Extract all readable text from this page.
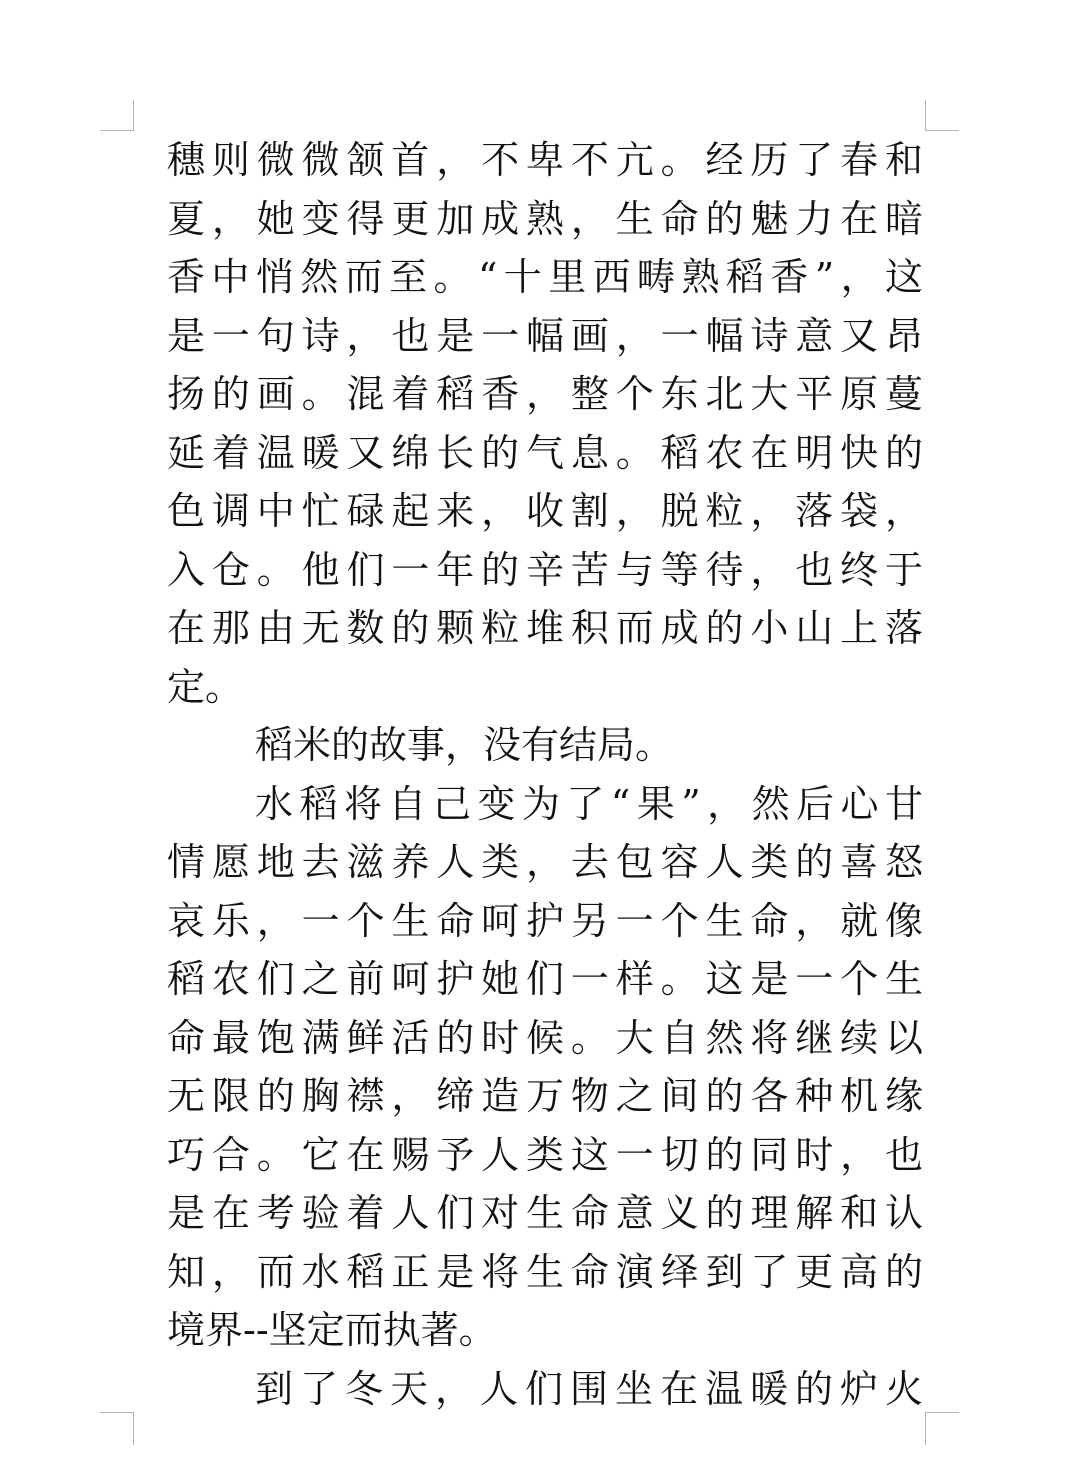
穗则微微颔首，不卑不亢。经历了春和
夏，她变得更加成熟，生命的魅力在暗
香中悄然而至。“十里西畴熟稻香”，这
是一句诗，也是一幅画，一幅诗意又昂
扬的画。混着稻香，整个东北大平原蔓
延着温暖又绵长的气息。稻农在明快的
色调中忙碌起来，收割，脱粒，落袋，
入仓。他们一年的辛苦与等待，也终于
在那由无数的颗粒堆积而成的小山上落
定。
稻米的故事，没有结局。
水稻将自己变为了“果”，然后心甘
情愿地去滋养人类，去包容人类的喜怒
哀乐，一个生命呵护另一个生命，就像
稻农们之前呵护她们一样。这是一个生
命最饱满鲜活的时候。大自然将继续以
无限的胸襟，缔造万物之间的各种机缘
巧合。它在赐予人类这一切的同时，也
是在考验着人们对生命意义的理解和认
知，而水稻正是将生命演绎到了更高的
境界--坚定而执著。
到了冬天，人们围坐在温暖的炉火
